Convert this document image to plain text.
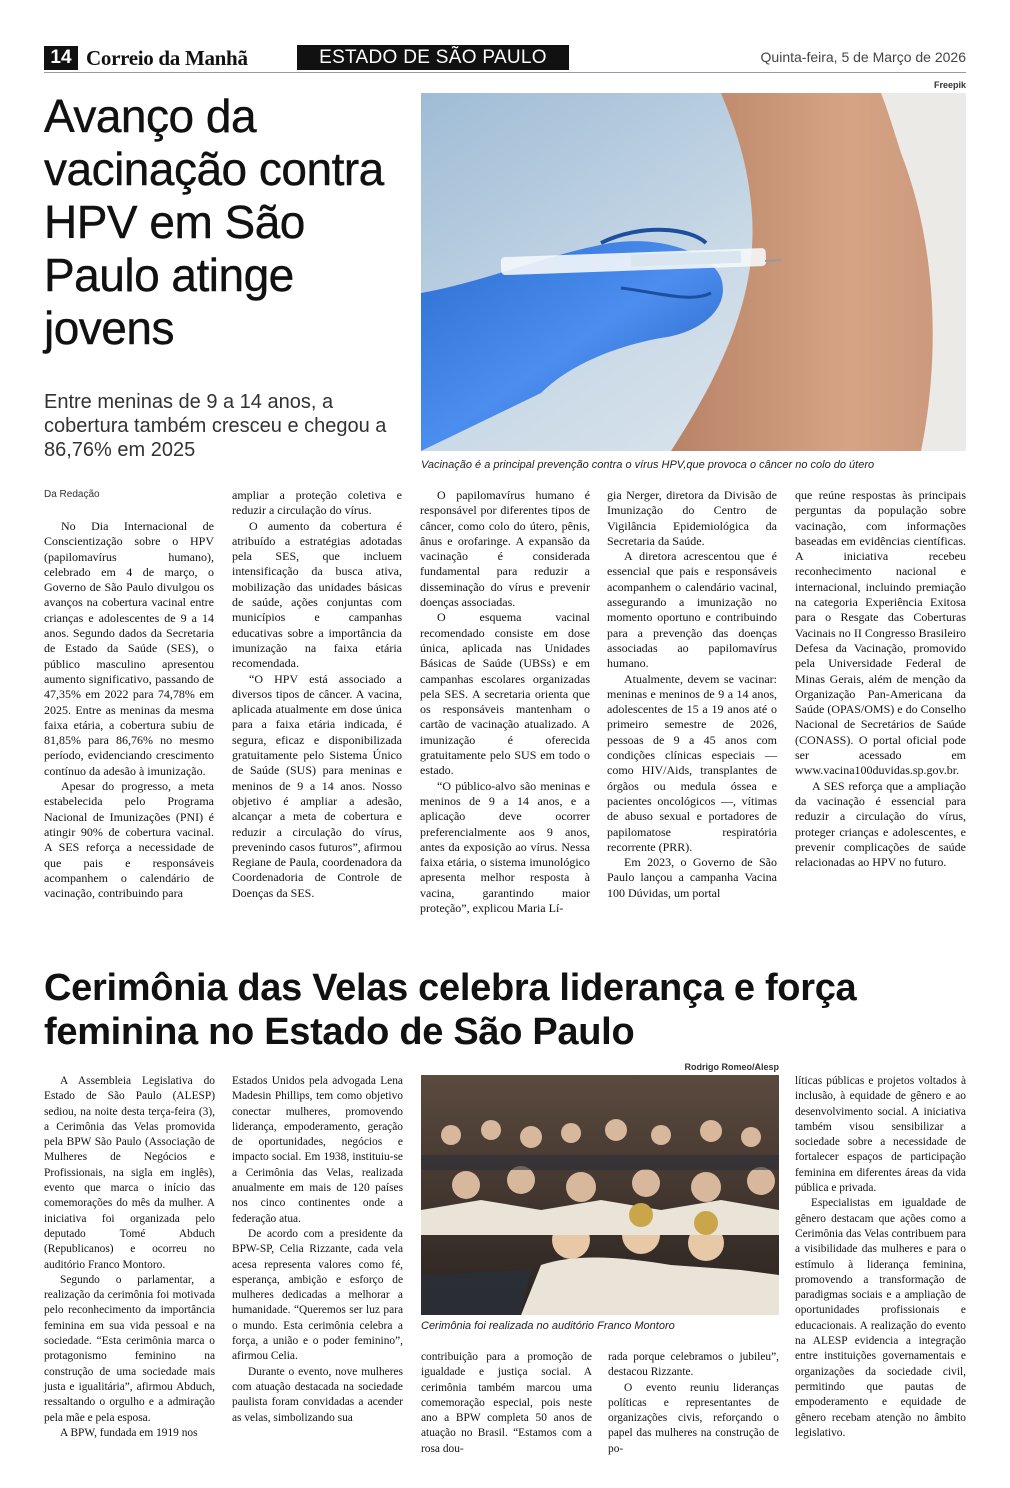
14 Correio da Manhã	ESTADO DE SÃO PAULO	Quinta-feira, 5 de Março de 2026
Avanço da vacinação contra HPV em São Paulo atinge jovens

Entre meninas de 9 a 14 anos, a cobertura também cresceu e chegou a 86,76% em 2025

Freepik
Vacinação é a principal prevenção contra o vírus HPV,que provoca o câncer no colo do útero
Da Redação

No Dia Internacional de Conscientização sobre o HPV (papilomavírus humano), celebrado em 4 de março, o Governo de São Paulo divulgou os avanços na cobertura vacinal entre crianças e adolescentes de 9 a 14 anos. Segundo dados da Secretaria de Estado da Saúde (SES), o público masculino apresentou aumento significativo, passando de 47,35% em 2022 para 74,78% em 2025. Entre as meninas da mesma faixa etária, a cobertura subiu de 81,85% para 86,76% no mesmo período, evidenciando crescimento contínuo da adesão à imunização.

Apesar do progresso, a meta estabelecida pelo Programa Nacional de Imunizações (PNI) é atingir 90% de cobertura vacinal. A SES reforça a necessidade de que pais e responsáveis acompanhem o calendário de vacinação, contribuindo para

ampliar a proteção coletiva e reduzir a circulação do vírus.

O aumento da cobertura é atribuído a estratégias adotadas pela SES, que incluem intensificação da busca ativa, mobilização das unidades básicas de saúde, ações conjuntas com municípios e campanhas educativas sobre a importância da imunização na faixa etária recomendada.

“O HPV está associado a diversos tipos de câncer. A vacina, aplicada atualmente em dose única para a faixa etária indicada, é segura, eficaz e disponibilizada gratuitamente pelo Sistema Único de Saúde (SUS) para meninas e meninos de 9 a 14 anos. Nosso objetivo é ampliar a adesão, alcançar a meta de cobertura e reduzir a circulação do vírus, prevenindo casos futuros”, afirmou Regiane de Paula, coordenadora da Coordenadoria de Controle de Doenças da SES.

O papilomavírus humano é responsável por diferentes tipos de câncer, como colo do útero, pênis, ânus e orofaringe. A expansão da vacinação é considerada fundamental para reduzir a disseminação do vírus e prevenir doenças associadas.

O esquema vacinal recomendado consiste em dose única, aplicada nas Unidades Básicas de Saúde (UBSs) e em campanhas escolares organizadas pela SES. A secretaria orienta que os responsáveis mantenham o cartão de vacinação atualizado. A imunização é oferecida gratuitamente pelo SUS em todo o estado.

“O público-alvo são meninas e meninos de 9 a 14 anos, e a aplicação deve ocorrer preferencialmente aos 9 anos, antes da exposição ao vírus. Nessa faixa etária, o sistema imunológico apresenta melhor resposta à vacina, garantindo maior proteção”, explicou Maria Lí-

gia Nerger, diretora da Divisão de Imunização do Centro de Vigilância Epidemiológica da Secretaria da Saúde.

A diretora acrescentou que é essencial que pais e responsáveis acompanhem o calendário vacinal, assegurando a imunização no momento oportuno e contribuindo para a prevenção das doenças associadas ao papilomavírus humano.

Atualmente, devem se vacinar: meninas e meninos de 9 a 14 anos, adolescentes de 15 a 19 anos até o primeiro semestre de 2026, pessoas de 9 a 45 anos com condições clínicas especiais — como HIV/Aids, transplantes de órgãos ou medula óssea e pacientes oncológicos —, vítimas de abuso sexual e portadores de papilomatose respiratória recorrente (PRR).

Em 2023, o Governo de São Paulo lançou a campanha Vacina 100 Dúvidas, um portal

que reúne respostas às principais perguntas da população sobre vacinação, com informações baseadas em evidências científicas. A iniciativa recebeu reconhecimento nacional e internacional, incluindo premiação na categoria Experiência Exitosa para o Resgate das Coberturas Vacinais no II Congresso Brasileiro Defesa da Vacinação, promovido pela Universidade Federal de Minas Gerais, além de menção da Organização Pan-Americana da Saúde (OPAS/OMS) e do Conselho Nacional de Secretários de Saúde (CONASS). O portal oficial pode ser acessado em www.vacina100duvidas.sp.gov.br.

A SES reforça que a ampliação da vacinação é essencial para reduzir a circulação do vírus, proteger crianças e adolescentes, e prevenir complicações de saúde relacionadas ao HPV no futuro.

Cerimônia das Velas celebra liderança e força feminina no Estado de São Paulo

A Assembleia Legislativa do Estado de São Paulo (ALESP) sediou, na noite desta terça-feira (3), a Cerimônia das Velas promovida pela BPW São Paulo (Associação de Mulheres de Negócios e Profissionais, na sigla em inglês), evento que marca o início das comemorações do mês da mulher. A iniciativa foi organizada pelo deputado Tomé Abduch (Republicanos) e ocorreu no auditório Franco Montoro.

Segundo o parlamentar, a realização da cerimônia foi motivada pelo reconhecimento da importância feminina em sua vida pessoal e na sociedade. “Esta cerimônia marca o protagonismo feminino na construção de uma sociedade mais justa e igualitária”, afirmou Abduch, ressaltando o orgulho e a admiração pela mãe e pela esposa.

A BPW, fundada em 1919 nos

Estados Unidos pela advogada Lena Madesin Phillips, tem como objetivo conectar mulheres, promovendo liderança, empoderamento, geração de oportunidades, negócios e impacto social. Em 1938, instituiu-se a Cerimônia das Velas, realizada anualmente em mais de 120 países nos cinco continentes onde a federação atua.

De acordo com a presidente da BPW-SP, Celia Rizzante, cada vela acesa representa valores como fé, esperança, ambição e esforço de mulheres dedicadas a melhorar a humanidade. “Queremos ser luz para o mundo. Esta cerimônia celebra a força, a união e o poder feminino”, afirmou Celia.

Durante o evento, nove mulheres com atuação destacada na sociedade paulista foram convidadas a acender as velas, simbolizando sua

Rodrigo Romeo/Alesp
Cerimônia foi realizada no auditório Franco Montoro

contribuição para a promoção de igualdade e justiça social. A cerimônia também marcou uma comemoração especial, pois neste ano a BPW completa 50 anos de atuação no Brasil. “Estamos com a rosa dou-

rada porque celebramos o jubileu”, destacou Rizzante.

O evento reuniu lideranças políticas e representantes de organizações civis, reforçando o papel das mulheres na construção de po-

líticas públicas e projetos voltados à inclusão, à equidade de gênero e ao desenvolvimento social. A iniciativa também visou sensibilizar a sociedade sobre a necessidade de fortalecer espaços de participação feminina em diferentes áreas da vida pública e privada.

Especialistas em igualdade de gênero destacam que ações como a Cerimônia das Velas contribuem para a visibilidade das mulheres e para o estímulo à liderança feminina, promovendo a transformação de paradigmas sociais e a ampliação de oportunidades profissionais e educacionais. A realização do evento na ALESP evidencia a integração entre instituições governamentais e organizações da sociedade civil, permitindo que pautas de empoderamento e equidade de gênero recebam atenção no âmbito legislativo.
